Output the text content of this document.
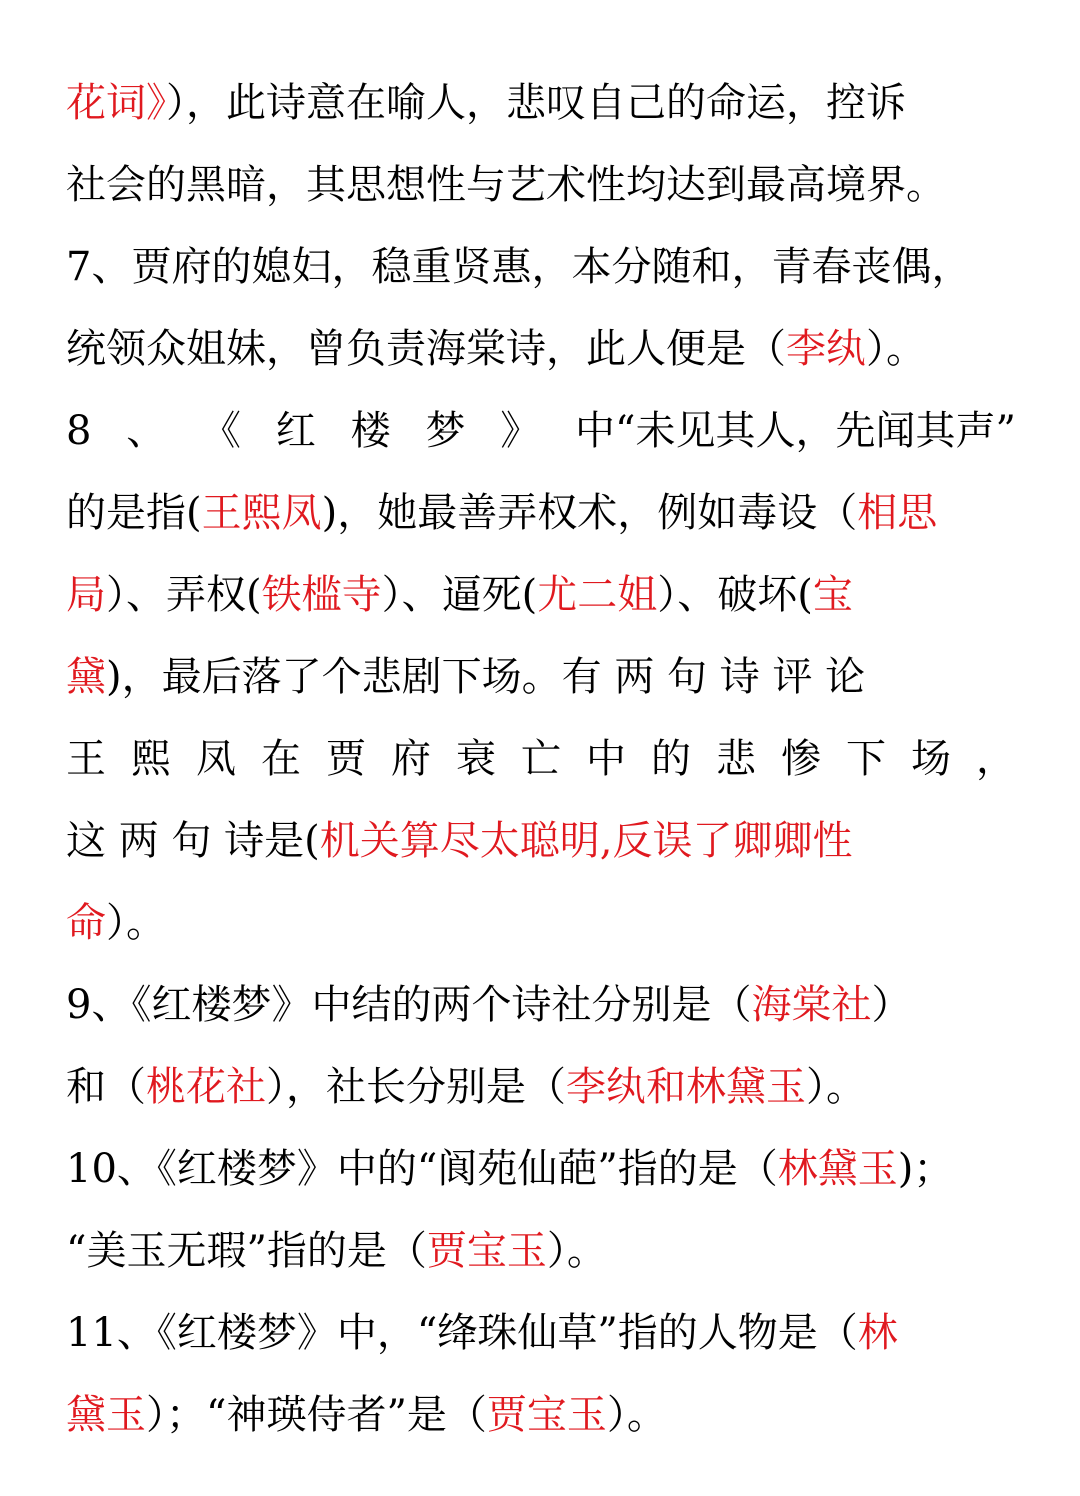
花词》），此诗意在喻人，悲叹自己的命运，控诉
社会的黑暗，其思想性与艺术性均达到最高境界。
7、贾府的媳妇，稳重贤惠，本分随和，青春丧偶，
统领众姐妹，曾负责海棠诗，此人便是（李纨）。
8 、 《 红 楼 梦 》 中“未见其人，先闻其声”
的是指(王熙凤)，她最善弄权术，例如毒设（相思
局）、弄权(铁槛寺）、逼死(尤二姐）、破坏(宝
黛)，最后落了个悲剧下场。有 两 句 诗 评 论
王 熙 凤 在 贾 府 衰 亡 中 的 悲 惨 下 场 ，
这 两 句 诗是(机关算尽太聪明,反误了卿卿性
命）。
9、《红楼梦》中结的两个诗社分别是（海棠社）
和（桃花社），社长分别是（李纨和林黛玉）。
10、《红楼梦》中的“阆苑仙葩”指的是（林黛玉)；
“美玉无瑕”指的是（贾宝玉）。
11、《红楼梦》中，“绛珠仙草”指的人物是（林
黛玉）；“神瑛侍者”是（贾宝玉）。
